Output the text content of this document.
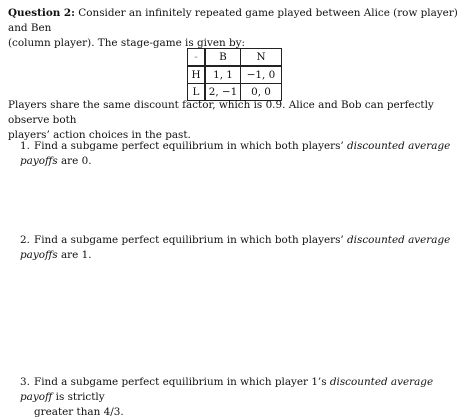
Question 2: Consider an infinitely repeated game played between Alice (row player) and Ben
(column player). The stage-game is given by:
-	B	N
H	1, 1	−1, 0
L	2, −1	0, 0
Players share the same discount factor, which is 0.9. Alice and Bob can perfectly observe both
players’ action choices in the past.
1. Find a subgame perfect equilibrium in which both players’ discounted average payoffs are 0.
2. Find a subgame perfect equilibrium in which both players’ discounted average payoffs are 1.
3. Find a subgame perfect equilibrium in which player 1’s discounted average payoff is strictly
greater than 4/3.
